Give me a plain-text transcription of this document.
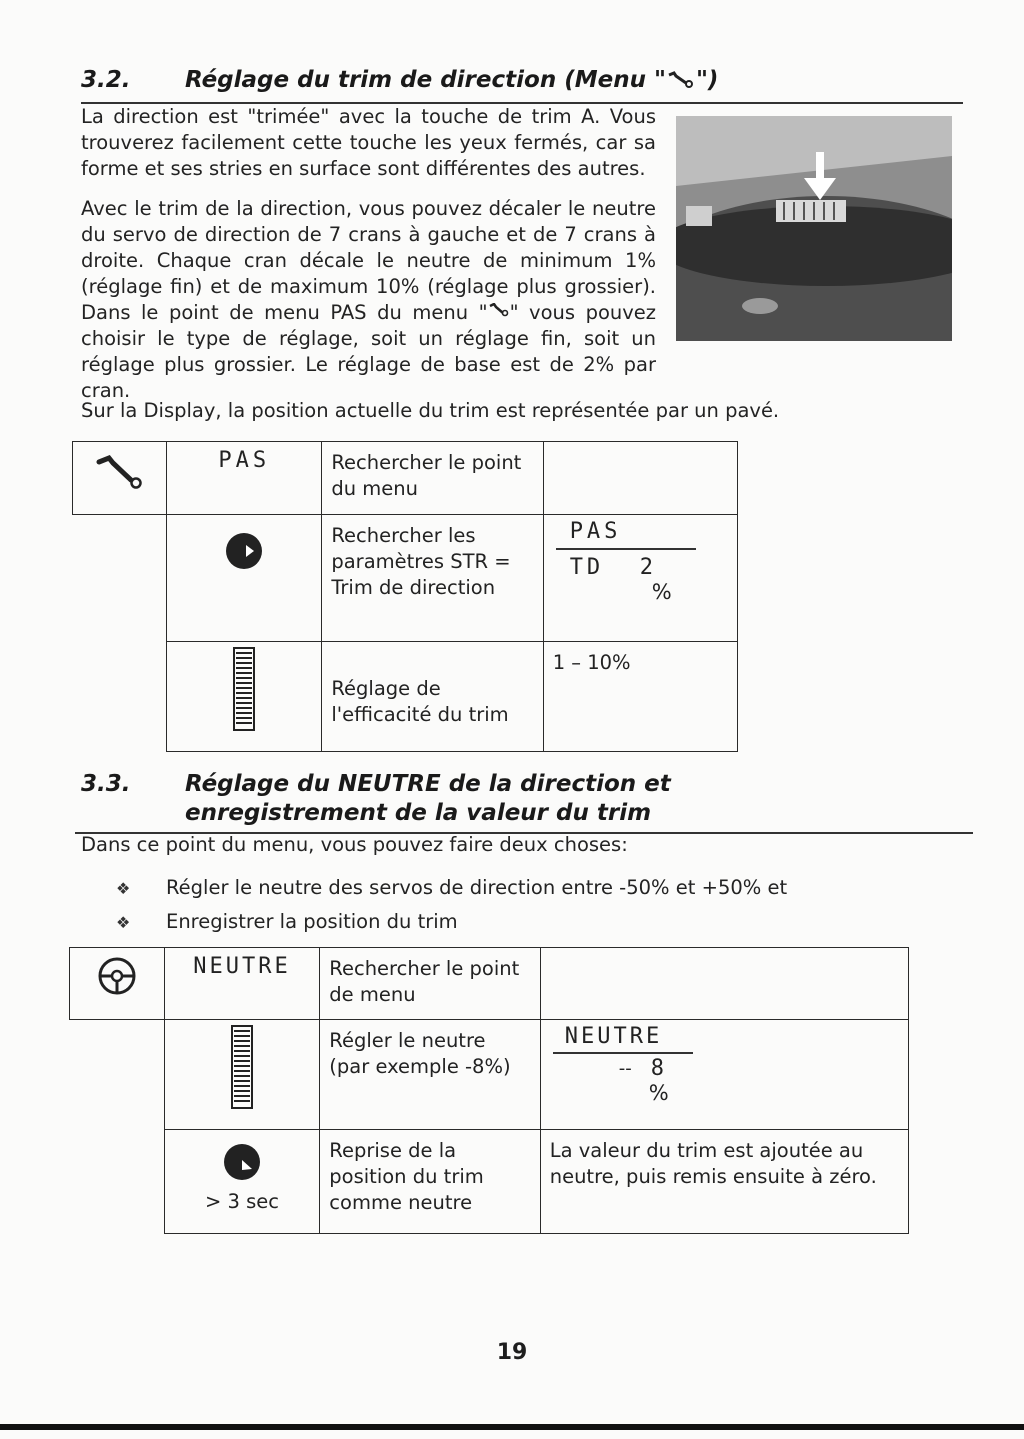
3.2. Réglage du trim de direction (Menu " ")

La direction est "trimée" avec la touche de trim A. Vous trouverez facilement cette touche les yeux fermés, car sa forme et ses stries en surface sont différentes des autres.

Avec le trim de la direction, vous pouvez décaler le neutre du servo de direction de 7 crans à gauche et de 7 crans à droite. Chaque cran décale le neutre de minimum 1% (réglage fin) et de maximum 10% (réglage plus grossier). Dans le point de menu PAS du menu " " vous pouvez choisir le type de réglage, soit un réglage fin, soit un réglage plus grossier. Le réglage de base est de 2% par cran.

Sur la Display, la position actuelle du trim est représentée par un pavé.

PAS	Rechercher le point du menu	

Rechercher les paramètres STR = Trim de direction	PAS
TD 2
%

Réglage de l'efficacité du trim	1 – 10%
3.3. Réglage du NEUTRE de la direction et
enregistrement de la valeur du trim

Dans ce point du menu, vous pouvez faire deux choses:

❖ Régler le neutre des servos de direction entre -50% et +50% et
❖ Enregistrer la position du trim

NEUTRE	Rechercher le point de menu	

Régler le neutre (par exemple -8%)	NEUTRE
-- 8
%

	> 3 sec	Reprise de la position du trim comme neutre	La valeur du trim est ajoutée au neutre, puis remis ensuite à zéro.
19
